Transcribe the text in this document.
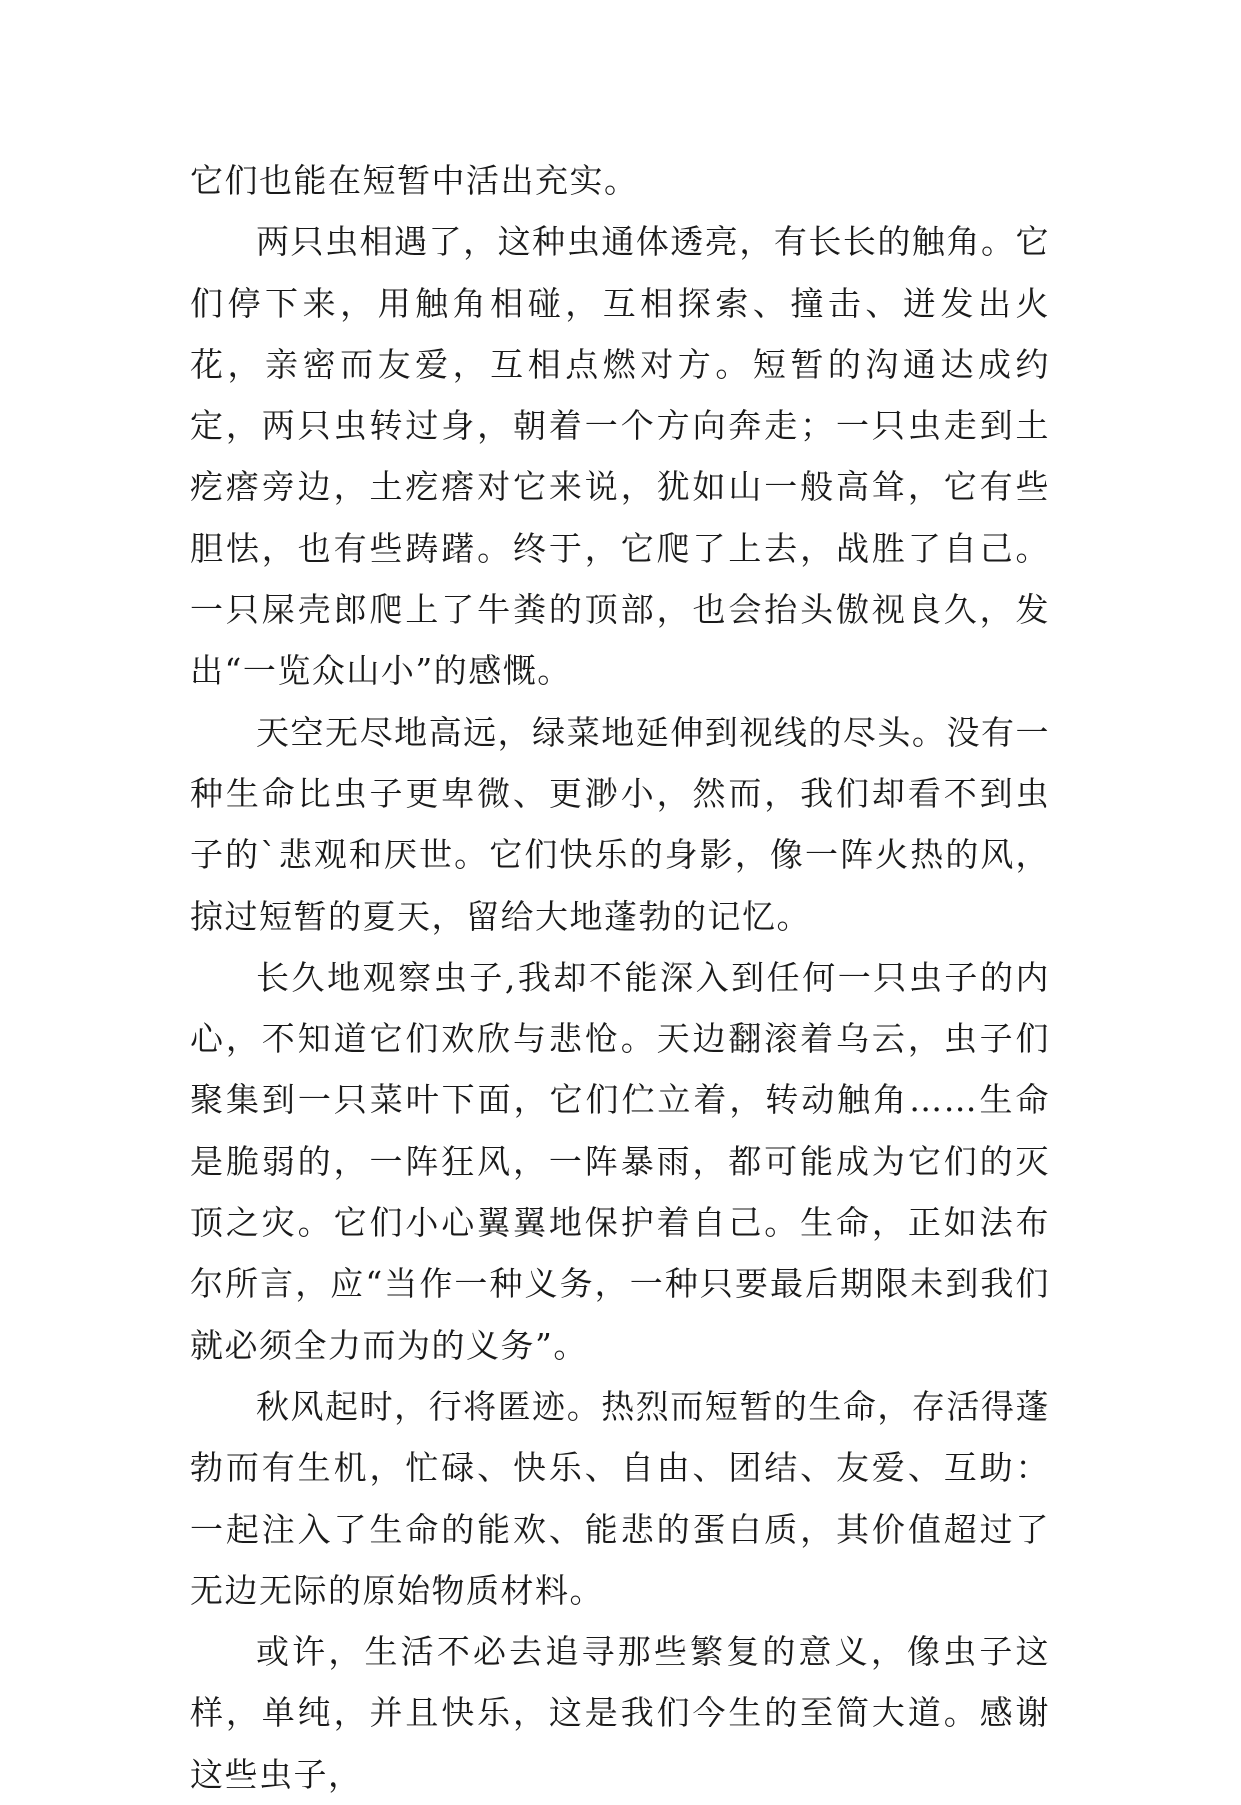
它们也能在短暂中活出充实。

两只虫相遇了，这种虫通体透亮，有长长的触角。它们停下来，用触角相碰，互相探索、撞击、迸发出火花，亲密而友爱，互相点燃对方。短暂的沟通达成约定，两只虫转过身，朝着一个方向奔走；一只虫走到土疙瘩旁边，土疙瘩对它来说，犹如山一般高耸，它有些胆怯，也有些踌躇。终于，它爬了上去，战胜了自己。一只屎壳郎爬上了牛粪的顶部，也会抬头傲视良久，发出“一览众山小”的感慨。

天空无尽地高远，绿菜地延伸到视线的尽头。没有一种生命比虫子更卑微、更渺小，然而，我们却看不到虫子的`悲观和厌世。它们快乐的身影，像一阵火热的风，掠过短暂的夏天，留给大地蓬勃的记忆。

长久地观察虫子,我却不能深入到任何一只虫子的内心，不知道它们欢欣与悲怆。天边翻滚着乌云，虫子们聚集到一只菜叶下面，它们伫立着，转动触角……生命是脆弱的，一阵狂风，一阵暴雨，都可能成为它们的灭顶之灾。它们小心翼翼地保护着自己。生命，正如法布尔所言，应“当作一种义务，一种只要最后期限未到我们就必须全力而为的义务”。

秋风起时，行将匿迹。热烈而短暂的生命，存活得蓬勃而有生机，忙碌、快乐、自由、团结、友爱、互助：一起注入了生命的能欢、能悲的蛋白质，其价值超过了无边无际的原始物质材料。

或许，生活不必去追寻那些繁复的意义，像虫子这样，单纯，并且快乐，这是我们今生的至简大道。感谢这些虫子，
